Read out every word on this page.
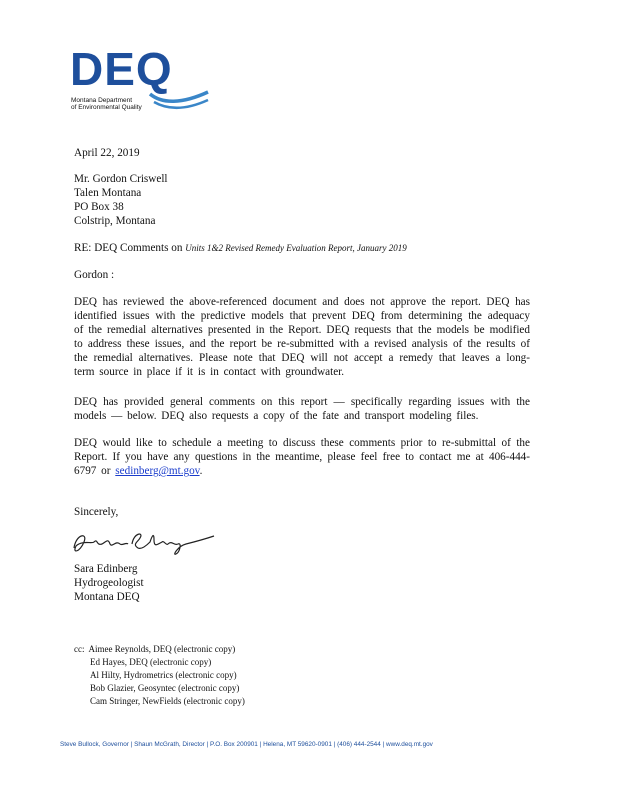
DEQ
Montana Department
of Environmental Quality
April 22, 2019
Mr. Gordon Criswell
Talen Montana
PO Box 38
Colstrip, Montana
RE: DEQ Comments on Units 1&2 Revised Remedy Evaluation Report, January 2019
Gordon :
DEQ has reviewed the above-referenced document and does not approve the report. DEQ has identified issues with the predictive models that prevent DEQ from determining the adequacy of the remedial alternatives presented in the Report. DEQ requests that the models be modified to address these issues, and the report be re-submitted with a revised analysis of the results of the remedial alternatives. Please note that DEQ will not accept a remedy that leaves a long-term source in place if it is in contact with groundwater.
DEQ has provided general comments on this report — specifically regarding issues with the models — below. DEQ also requests a copy of the fate and transport modeling files.
DEQ would like to schedule a meeting to discuss these comments prior to re-submittal of the Report. If you have any questions in the meantime, please feel free to contact me at 406-444-6797 or sedinberg@mt.gov.
Sincerely,
Sara Edinberg
Hydrogeologist
Montana DEQ
cc: Aimee Reynolds, DEQ (electronic copy)
Ed Hayes, DEQ (electronic copy)
Al Hilty, Hydrometrics (electronic copy)
Bob Glazier, Geosyntec (electronic copy)
Cam Stringer, NewFields (electronic copy)
Steve Bullock, Governor | Shaun McGrath, Director | P.O. Box 200901 | Helena, MT 59620-0901 | (406) 444-2544 | www.deq.mt.gov
